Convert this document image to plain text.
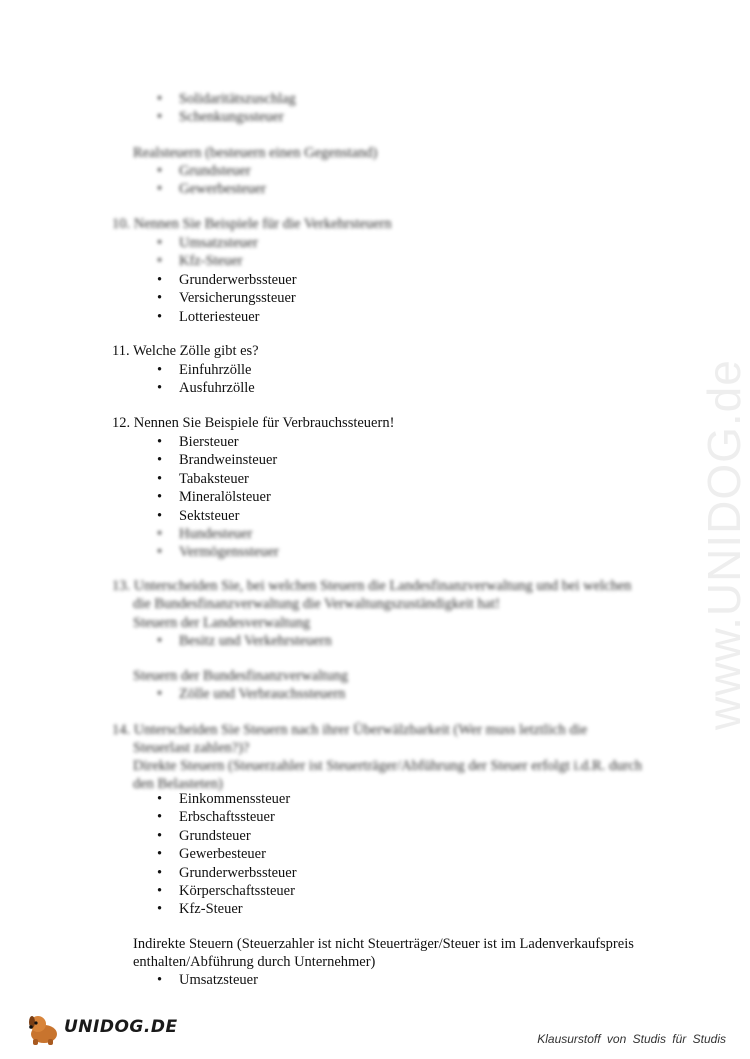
www.UNIDOG.de
• Solidaritätszuschlag
• Schenkungssteuer
Realsteuern (besteuern einen Gegenstand)
• Grundsteuer
• Gewerbesteuer
10. Nennen Sie Beispiele für die Verkehrsteuern
• Umsatzsteuer
• Kfz-Steuer
• Grunderwerbssteuer
• Versicherungssteuer
• Lotteriesteuer
11. Welche Zölle gibt es?
• Einfuhrzölle
• Ausfuhrzölle
12. Nennen Sie Beispiele für Verbrauchssteuern!
• Biersteuer
• Brandweinsteuer
• Tabaksteuer
• Mineralölsteuer
• Sektsteuer
• Hundesteuer
• Vermögenssteuer
13. Unterscheiden Sie, bei welchen Steuern die Landesfinanzverwaltung und bei welchen
die Bundesfinanzverwaltung die Verwaltungszuständigkeit hat!
Steuern der Landesverwaltung
• Besitz und Verkehrsteuern
Steuern der Bundesfinanzverwaltung
• Zölle und Verbrauchssteuern
14. Unterscheiden Sie Steuern nach ihrer Überwälzbarkeit (Wer muss letztlich die
Steuerlast zahlen?)?
Direkte Steuern (Steuerzahler ist Steuerträger/Abführung der Steuer erfolgt i.d.R. durch den Belasteten)
• Einkommenssteuer
• Erbschaftssteuer
• Grundsteuer
• Gewerbesteuer
• Grunderwerbssteuer
• Körperschaftssteuer
• Kfz-Steuer
Indirekte Steuern (Steuerzahler ist nicht Steuerträger/Steuer ist im Ladenverkaufspreis enthalten/Abführung durch Unternehmer)
• Umsatzsteuer
UNIDOG.DE
Klausurstoff von Studis für Studis
